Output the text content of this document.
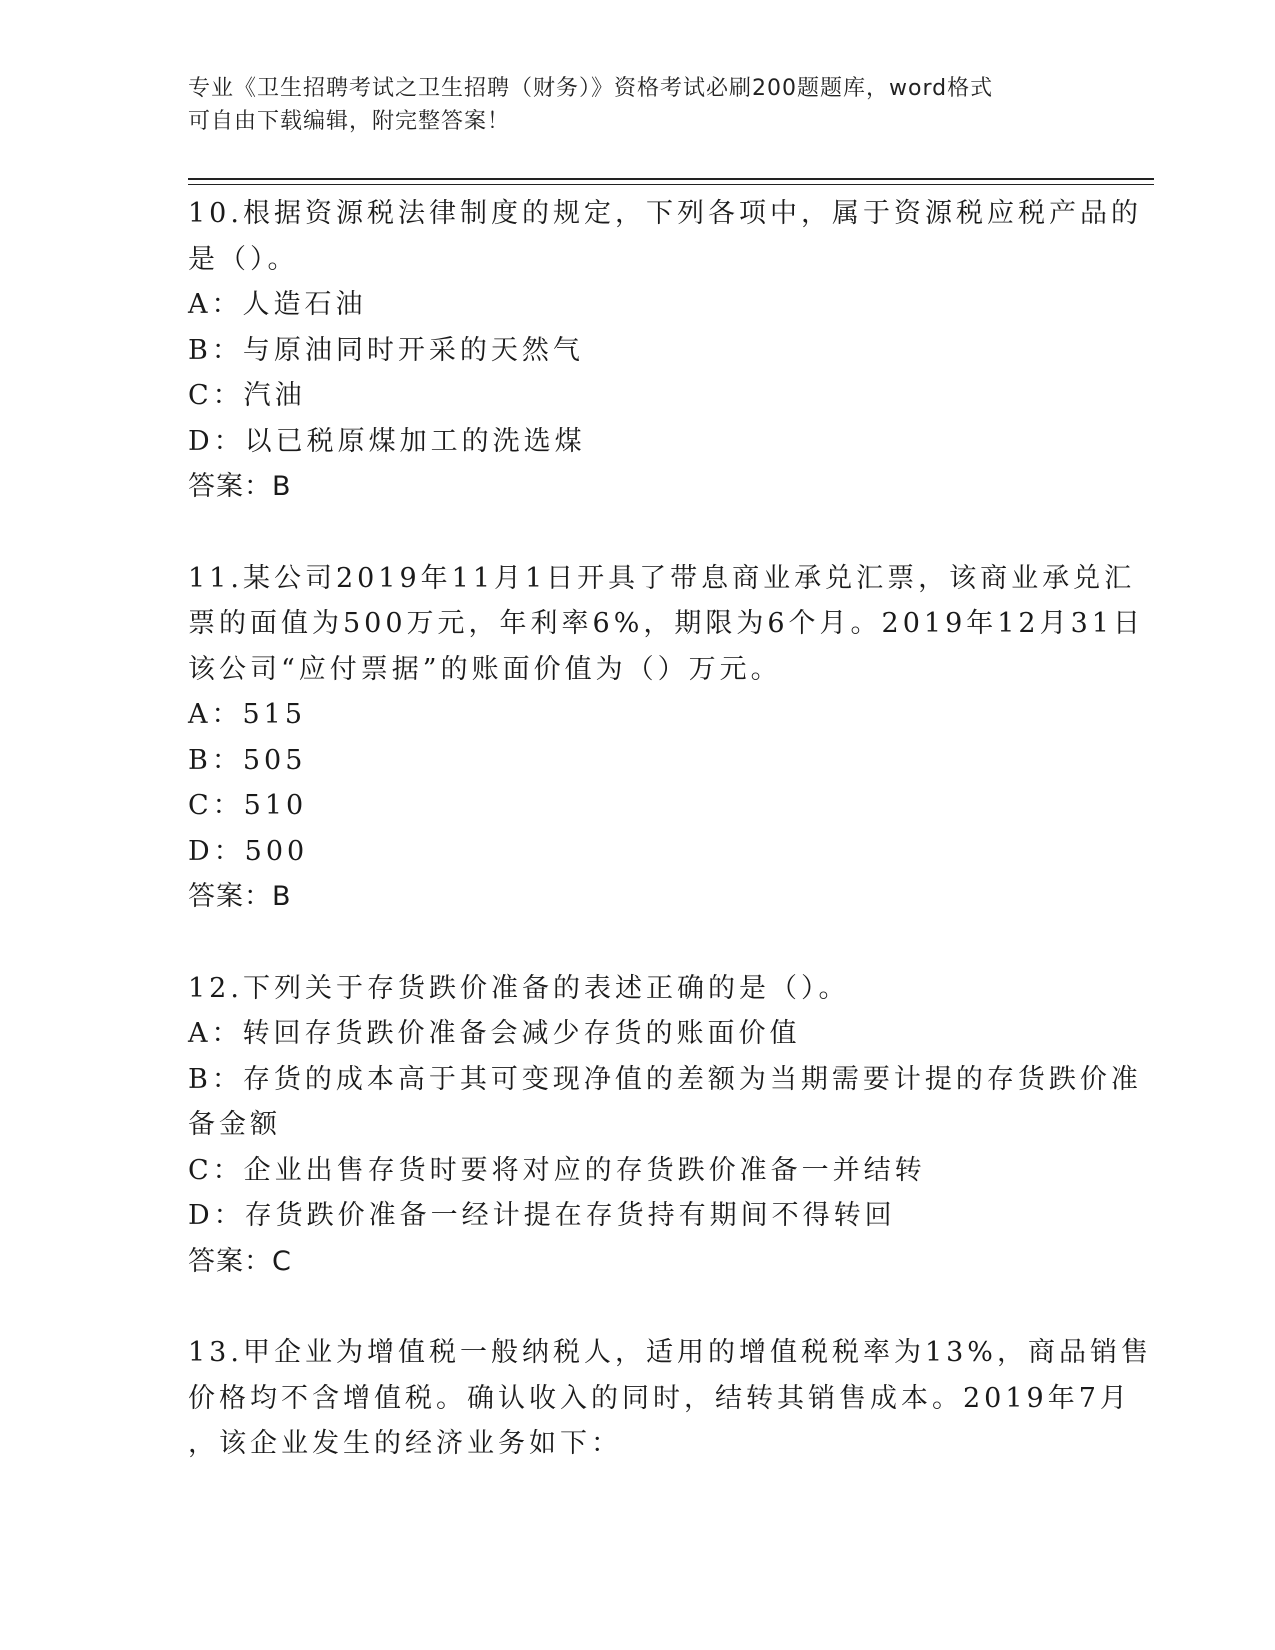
专业《卫生招聘考试之卫生招聘（财务）》资格考试必刷200题题库，word格式
可自由下载编辑，附完整答案！
10.根据资源税法律制度的规定，下列各项中，属于资源税应税产品的
是（）。
A：人造石油
B：与原油同时开采的天然气
C：汽油
D：以已税原煤加工的洗选煤
答案：B
11.某公司2019年11月1日开具了带息商业承兑汇票，该商业承兑汇
票的面值为500万元，年利率6%，期限为6个月。2019年12月31日
该公司“应付票据”的账面价值为（）万元。
A：515
B：505
C：510
D：500
答案：B
12.下列关于存货跌价准备的表述正确的是（）。
A：转回存货跌价准备会减少存货的账面价值
B：存货的成本高于其可变现净值的差额为当期需要计提的存货跌价准
备金额
C：企业出售存货时要将对应的存货跌价准备一并结转
D：存货跌价准备一经计提在存货持有期间不得转回
答案：C
13.甲企业为增值税一般纳税人，适用的增值税税率为13%，商品销售
价格均不含增值税。确认收入的同时，结转其销售成本。2019年7月
，该企业发生的经济业务如下：
